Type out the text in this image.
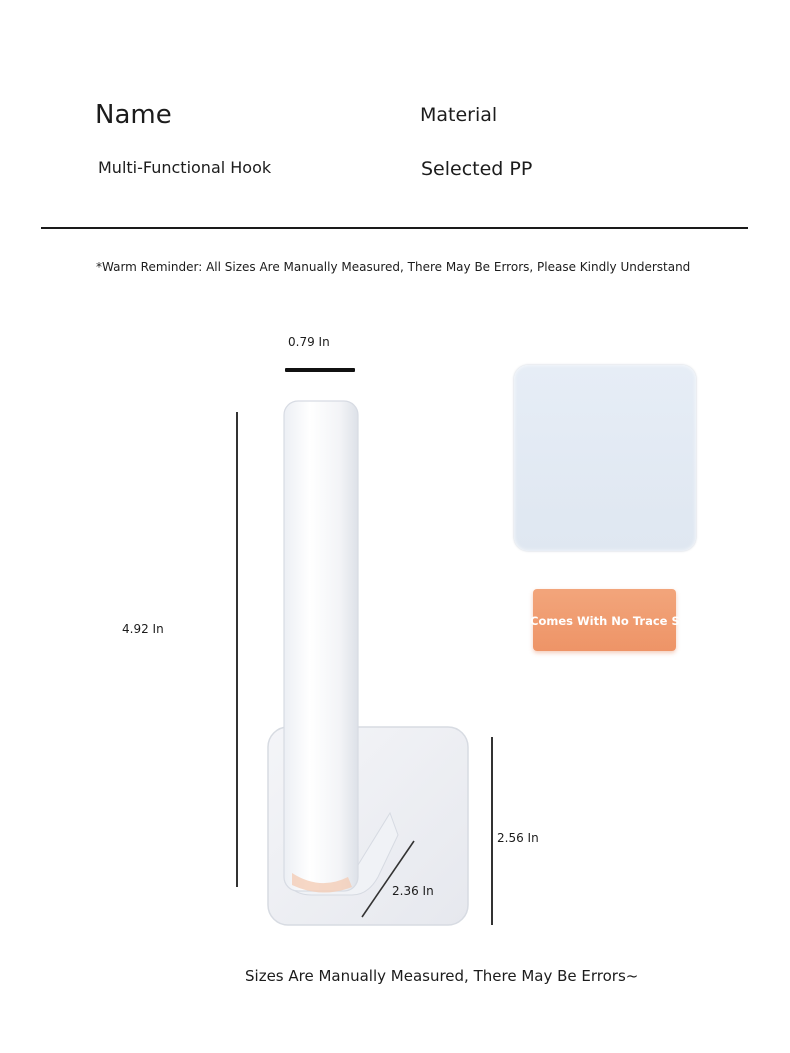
Name
Multi-Functional Hook
Material
Selected PP
*Warm Reminder: All Sizes Are Manually Measured, There May Be Errors, Please Kindly Understand
0.79 In
4.92 In
2.56 In
2.36 In
Comes With No Trace Stickers
Sizes Are Manually Measured, There May Be Errors~
